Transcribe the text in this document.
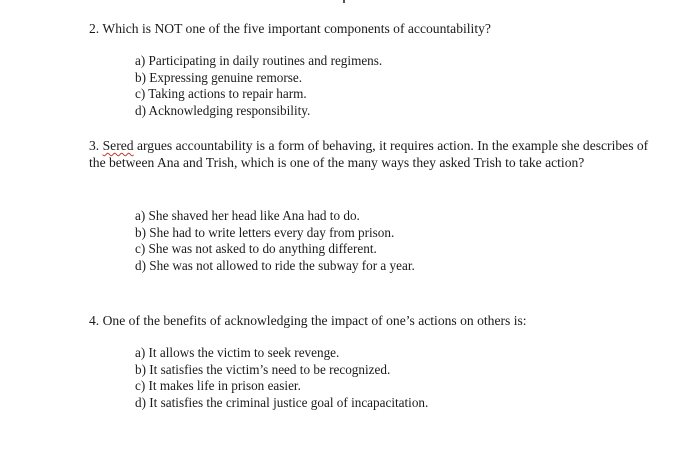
2. Which is NOT one of the five important components of accountability?
a) Participating in daily routines and regimens.
b) Expressing genuine remorse.
c) Taking actions to repair harm.
d) Acknowledging responsibility.
3. Sered argues accountability is a form of behaving, it requires action. In the example she describes of the between Ana and Trish, which is one of the many ways they asked Trish to take action?
a) She shaved her head like Ana had to do.
b) She had to write letters every day from prison.
c) She was not asked to do anything different.
d) She was not allowed to ride the subway for a year.
4. One of the benefits of acknowledging the impact of one’s actions on others is:
a) It allows the victim to seek revenge.
b) It satisfies the victim’s need to be recognized.
c) It makes life in prison easier.
d) It satisfies the criminal justice goal of incapacitation.
